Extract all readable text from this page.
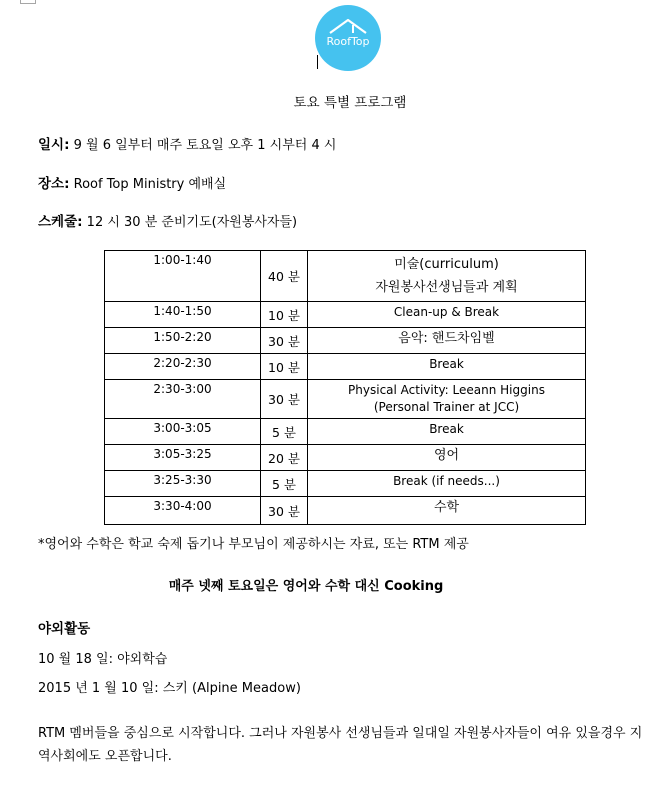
RoofTop
토요 특별 프로그램
일시: 9 월 6 일부터 매주 토요일 오후 1 시부터 4 시
장소: Roof Top Ministry 예배실
스케줄: 12 시 30 분 준비기도(자원봉사자들)
1:00-1:40	40 분	미술(curriculum)
자원봉사선생님들과 계획

1:40-1:50	10 분	Clean-up & Break

1:50-2:20	30 분	음악: 핸드차임벨

2:20-2:30	10 분	Break

2:30-3:00	30 분	Physical Activity: Leeann Higgins
(Personal Trainer at JCC)

3:00-3:05	5 분	Break

3:05-3:25	20 분	영어

3:25-3:30	5 분	Break (if needs...)

3:30-4:00	30 분	수학
*영어와 수학은 학교 숙제 돕기나 부모님이 제공하시는 자료, 또는 RTM 제공
매주 넷째 토요일은 영어와 수학 대신 Cooking
야외활동
10 월 18 일: 야외학습
2015 년 1 월 10 일: 스키 (Alpine Meadow)
RTM 멤버들을 중심으로 시작합니다. 그러나 자원봉사 선생님들과 일대일 자원봉사자들이 여유 있을경우 지역사회에도 오픈합니다.
